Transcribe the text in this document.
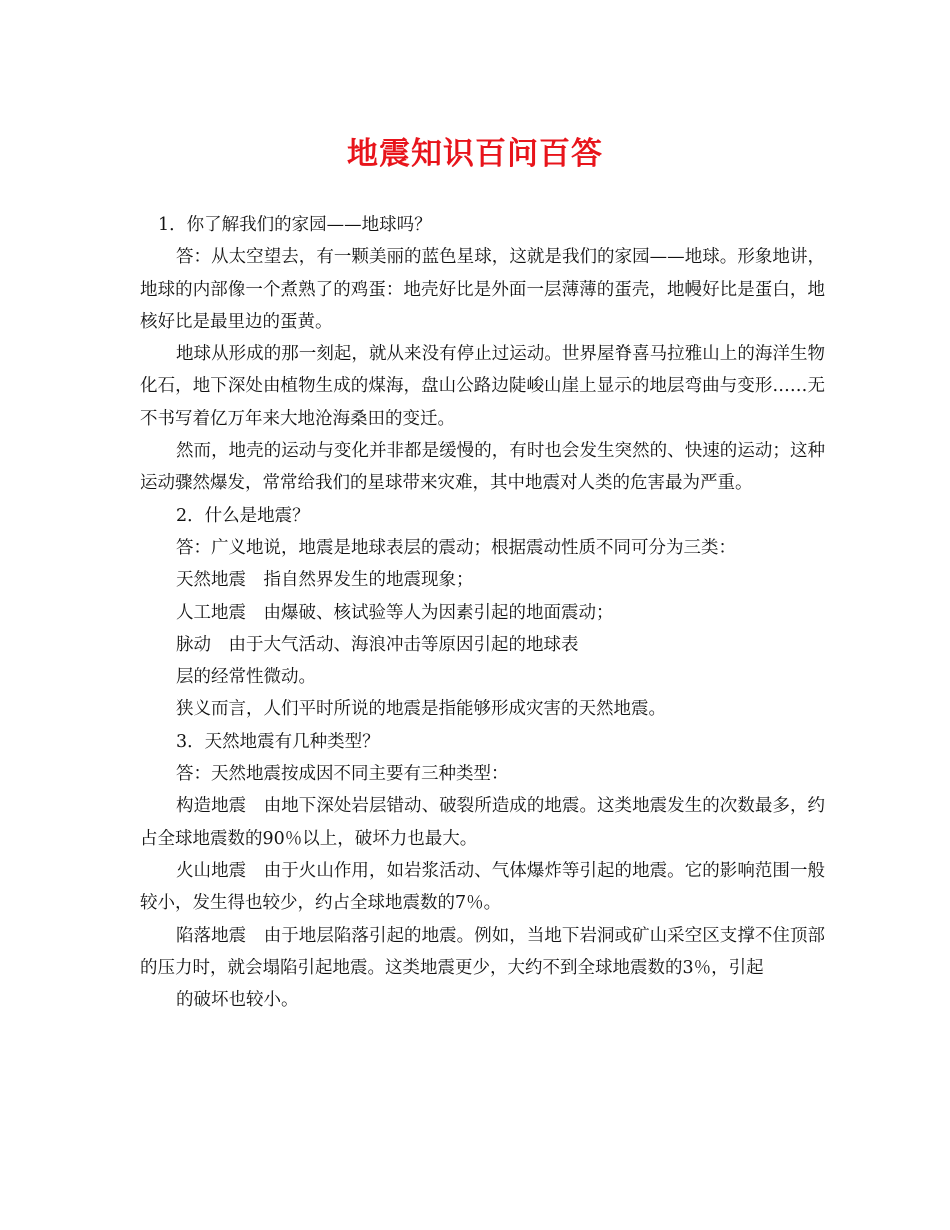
地震知识百问百答

1．你了解我们的家园——地球吗？

答：从太空望去，有一颗美丽的蓝色星球，这就是我们的家园——地球。形象地讲，地球的内部像一个煮熟了的鸡蛋：地壳好比是外面一层薄薄的蛋壳，地幔好比是蛋白，地核好比是最里边的蛋黄。

地球从形成的那一刻起，就从来没有停止过运动。世界屋脊喜马拉雅山上的海洋生物化石，地下深处由植物生成的煤海，盘山公路边陡峻山崖上显示的地层弯曲与变形……无不书写着亿万年来大地沧海桑田的变迁。

然而，地壳的运动与变化并非都是缓慢的，有时也会发生突然的、快速的运动；这种运动骤然爆发，常常给我们的星球带来灾难，其中地震对人类的危害最为严重。

2．什么是地震？

答：广义地说，地震是地球表层的震动；根据震动性质不同可分为三类：

天然地震　指自然界发生的地震现象；

人工地震　由爆破、核试验等人为因素引起的地面震动；

脉动　由于大气活动、海浪冲击等原因引起的地球表

层的经常性微动。

狭义而言，人们平时所说的地震是指能够形成灾害的天然地震。

3．天然地震有几种类型？

答：天然地震按成因不同主要有三种类型：

构造地震　由地下深处岩层错动、破裂所造成的地震。这类地震发生的次数最多，约占全球地震数的90％以上，破坏力也最大。

火山地震　由于火山作用，如岩浆活动、气体爆炸等引起的地震。它的影响范围一般较小，发生得也较少，约占全球地震数的7％。

陷落地震　由于地层陷落引起的地震。例如，当地下岩洞或矿山采空区支撑不住顶部的压力时，就会塌陷引起地震。这类地震更少，大约不到全球地震数的3％，引起

的破坏也较小。
